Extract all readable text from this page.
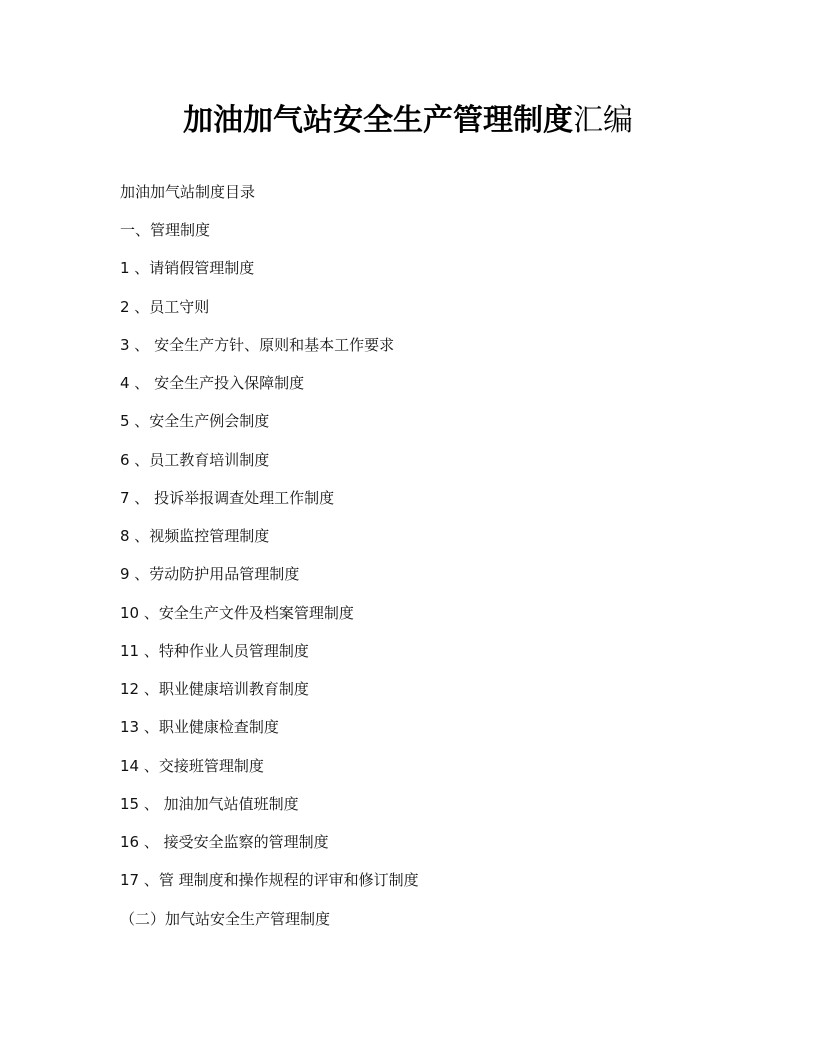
加油加气站安全生产管理制度汇编
加油加气站制度目录
一、管理制度
1 、请销假管理制度
2 、员工守则
3 、 安全生产方针、原则和基本工作要求
4 、 安全生产投入保障制度
5 、安全生产例会制度
6 、员工教育培训制度
7 、 投诉举报调查处理工作制度
8 、视频监控管理制度
9 、劳动防护用品管理制度
10 、安全生产文件及档案管理制度
11 、特种作业人员管理制度
12 、职业健康培训教育制度
13 、职业健康检查制度
14 、交接班管理制度
15 、 加油加气站值班制度
16 、 接受安全监察的管理制度
17 、管 理制度和操作规程的评审和修订制度
（二）加气站安全生产管理制度
